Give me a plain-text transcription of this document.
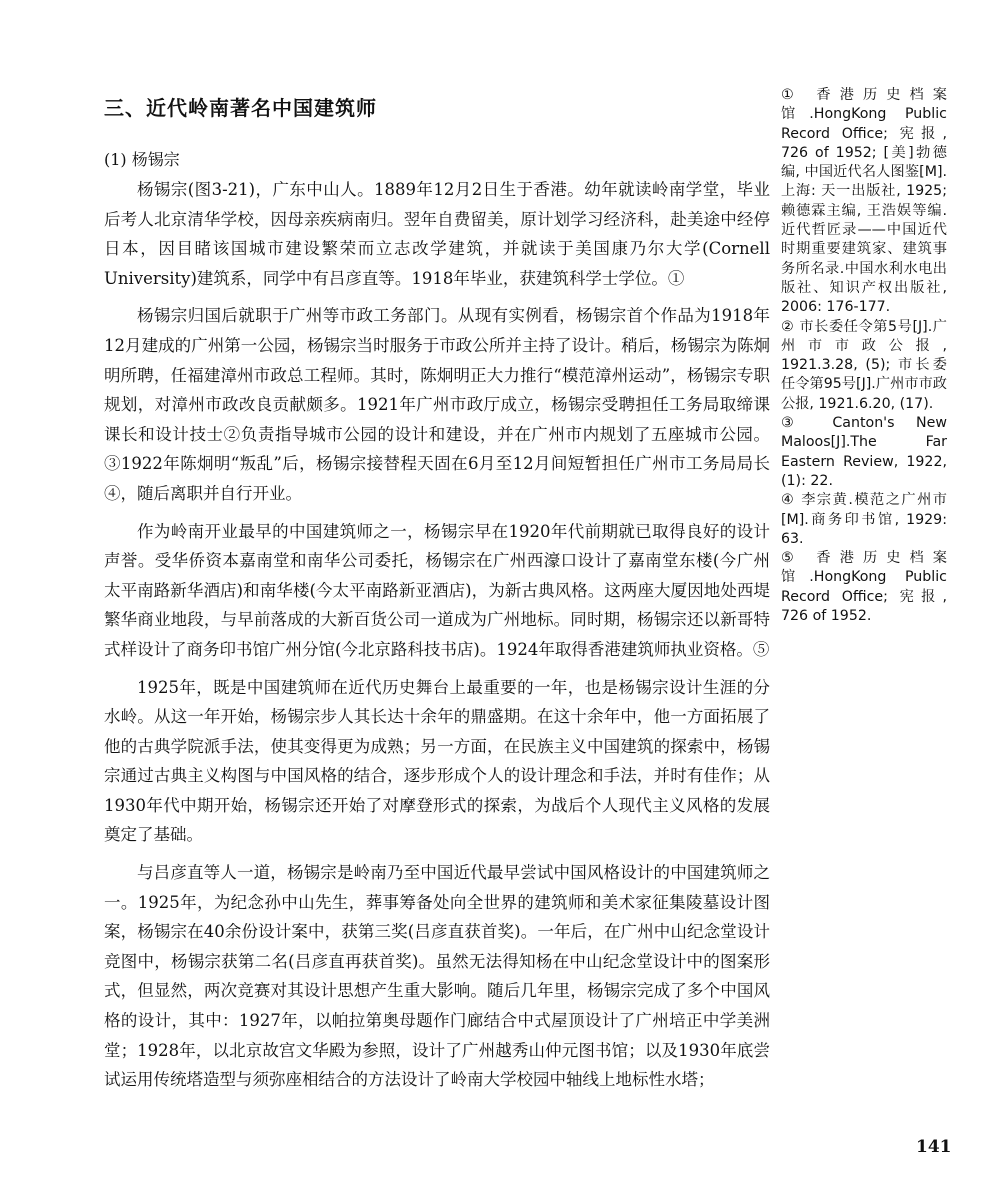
三、近代岭南著名中国建筑师
(1) 杨锡宗

杨锡宗(图3-21)，广东中山人。1889年12月2日生于香港。幼年就读岭南学堂，毕业后考人北京清华学校，因母亲疾病南归。翌年自费留美，原计划学习经济科，赴美途中经停日本，因目睹该国城市建设繁荣而立志改学建筑，并就读于美国康乃尔大学(Cornell University)建筑系，同学中有吕彦直等。1918年毕业，获建筑科学士学位。①

杨锡宗归国后就职于广州等市政工务部门。从现有实例看，杨锡宗首个作品为1918年12月建成的广州第一公园，杨锡宗当时服务于市政公所并主持了设计。稍后，杨锡宗为陈炯明所聘，任福建漳州市政总工程师。其时，陈炯明正大力推行“模范漳州运动”，杨锡宗专职规划，对漳州市政改良贡献颇多。1921年广州市政厅成立，杨锡宗受聘担任工务局取缔课课长和设计技士②负责指导城市公园的设计和建设，并在广州市内规划了五座城市公园。③1922年陈炯明“叛乱”后，杨锡宗接替程天固在6月至12月间短暂担任广州市工务局局长④，随后离职并自行开业。

作为岭南开业最早的中国建筑师之一，杨锡宗早在1920年代前期就已取得良好的设计声誉。受华侨资本嘉南堂和南华公司委托，杨锡宗在广州西濠口设计了嘉南堂东楼(今广州太平南路新华酒店)和南华楼(今太平南路新亚酒店)，为新古典风格。这两座大厦因地处西堤繁华商业地段，与早前落成的大新百货公司一道成为广州地标。同时期，杨锡宗还以新哥特式样设计了商务印书馆广州分馆(今北京路科技书店)。1924年取得香港建筑师执业资格。⑤

1925年，既是中国建筑师在近代历史舞台上最重要的一年，也是杨锡宗设计生涯的分水岭。从这一年开始，杨锡宗步人其长达十余年的鼎盛期。在这十余年中，他一方面拓展了他的古典学院派手法，使其变得更为成熟；另一方面，在民族主义中国建筑的探索中，杨锡宗通过古典主义构图与中国风格的结合，逐步形成个人的设计理念和手法，并时有佳作；从1930年代中期开始，杨锡宗还开始了对摩登形式的探索，为战后个人现代主义风格的发展奠定了基础。

与吕彦直等人一道，杨锡宗是岭南乃至中国近代最早尝试中国风格设计的中国建筑师之一。1925年，为纪念孙中山先生，葬事筹备处向全世界的建筑师和美术家征集陵墓设计图案，杨锡宗在40余份设计案中，获第三奖(吕彦直获首奖)。一年后，在广州中山纪念堂设计竞图中，杨锡宗获第二名(吕彦直再获首奖)。虽然无法得知杨在中山纪念堂设计中的图案形式，但显然，两次竞赛对其设计思想产生重大影响。随后几年里，杨锡宗完成了多个中国风格的设计，其中：1927年，以帕拉第奥母题作门廊结合中式屋顶设计了广州培正中学美洲堂；1928年，以北京故宫文华殿为参照，设计了广州越秀山仲元图书馆；以及1930年底尝试运用传统塔造型与须弥座相结合的方法设计了岭南大学校园中轴线上地标性水塔；

① 香港历史档案馆.HongKong Public Record Office; 宪报, 726 of 1952; [美]勃德编, 中国近代名人图鉴[M].上海: 天一出版社, 1925; 赖德霖主编, 王浩娱等编.近代哲匠录——中国近代时期重要建筑家、建筑事务所名录.中国水利水电出版社、知识产权出版社, 2006: 176-177.

② 市长委任令第5号[J].广州市市政公报, 1921.3.28, (5); 市长委任令第95号[J].广州市市政公报, 1921.6.20, (17).

③ Canton's New Maloos[J].The Far Eastern Review, 1922, (1): 22.

④ 李宗黄.模范之广州市[M].商务印书馆, 1929: 63.

⑤ 香港历史档案馆.HongKong Public Record Office; 宪报, 726 of 1952.

141
